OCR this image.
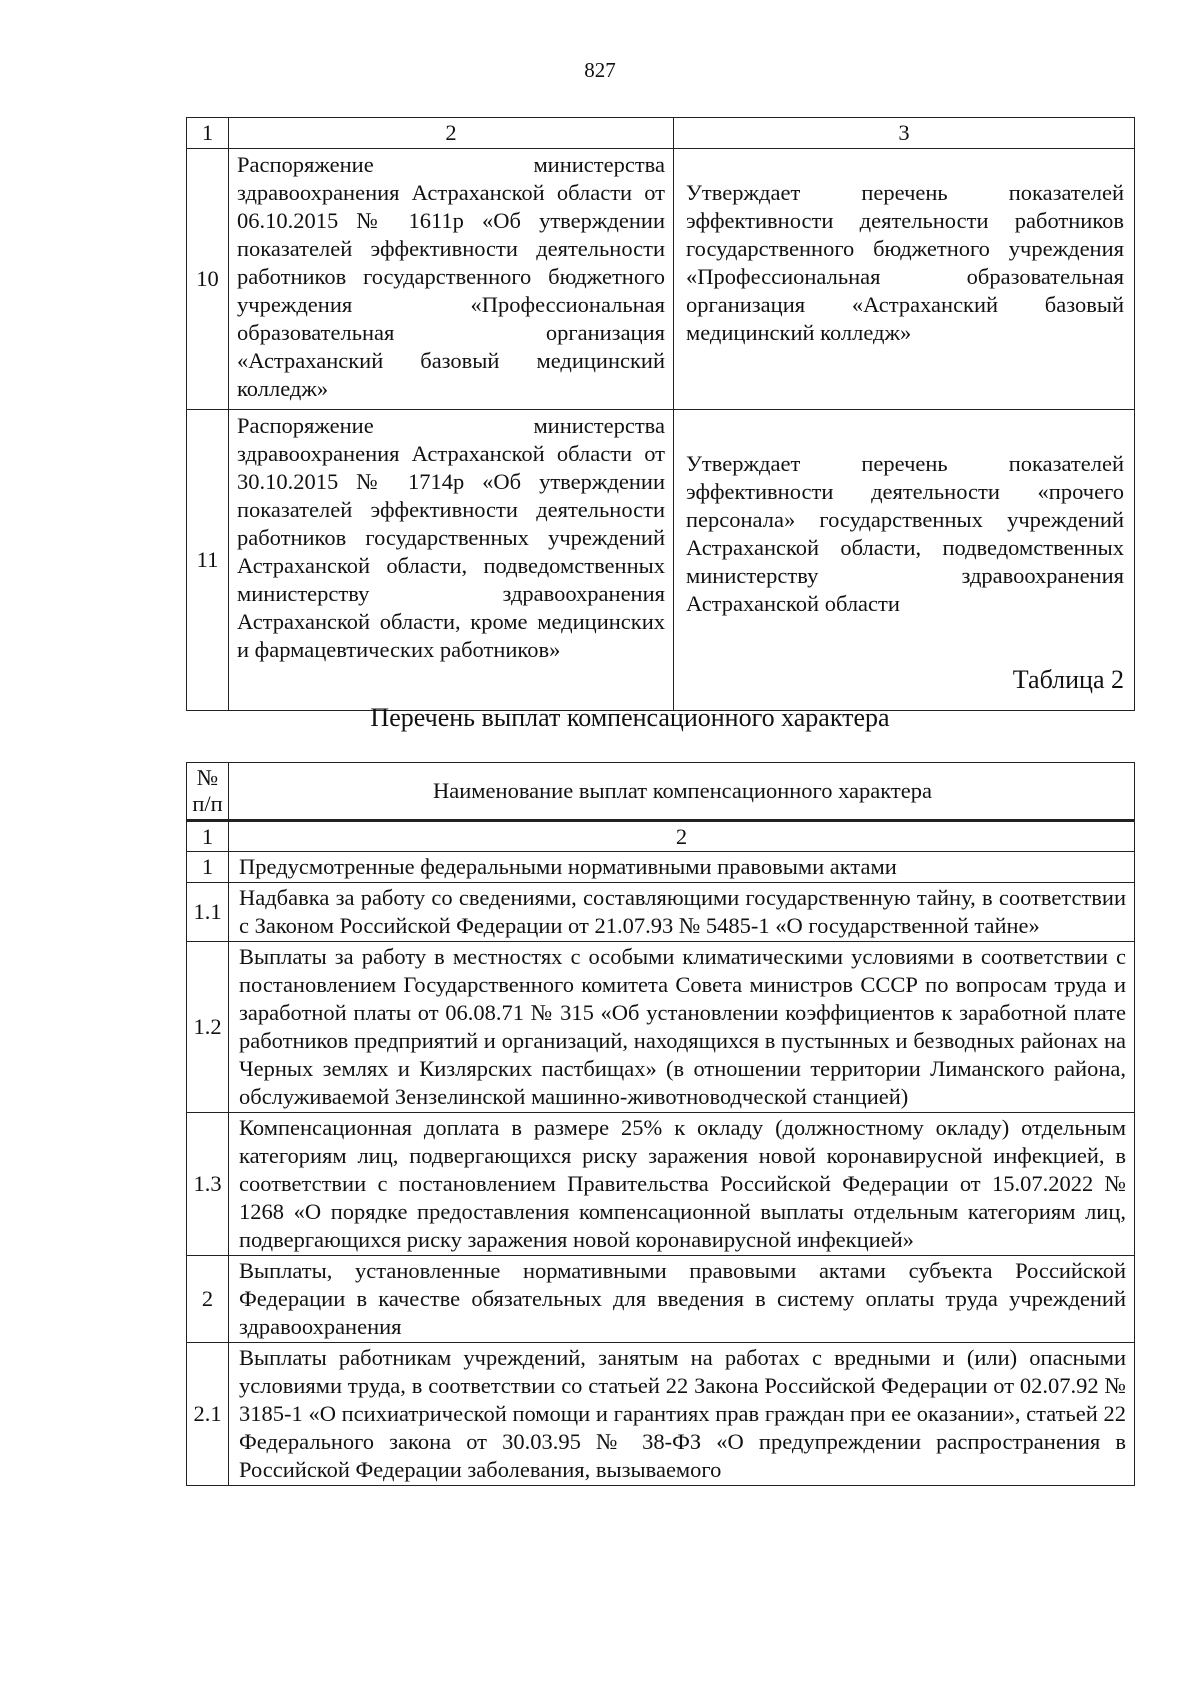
827
1	2	3
10	Распоряжение министерства здравоохранения Астраханской области от 06.10.2015 № 1611р «Об утверждении показателей эффективности деятельности работников государственного бюджетного учреждения «Профессиональная образовательная организация «Астраханский базовый медицинский колледж»	Утверждает перечень показателей эффективности деятельности работников государственного бюджетного учреждения «Профессиональная образовательная организация «Астраханский базовый медицинский колледж»
11	Распоряжение министерства здравоохранения Астраханской области от 30.10.2015 № 1714р «Об утверждении показателей эффективности деятельности работников государственных учреждений Астраханской области, подведомственных министерству здравоохранения Астраханской области, кроме медицинских и фармацевтических работников»	Утверждает перечень показателей эффективности деятельности «прочего персонала» государственных учреждений Астраханской области, подведомственных министерству здравоохранения Астраханской области
Таблица 2
Перечень выплат компенсационного характера
№ п/п	Наименование выплат компенсационного характера
1	2
1	Предусмотренные федеральными нормативными правовыми актами
1.1	Надбавка за работу со сведениями, составляющими государственную тайну, в соответствии с Законом Российской Федерации от 21.07.93 № 5485-1 «О государственной тайне»
1.2	Выплаты за работу в местностях с особыми климатическими условиями в соответствии с постановлением Государственного комитета Совета министров СССР по вопросам труда и заработной платы от 06.08.71 № 315 «Об установлении коэффициентов к заработной плате работников предприятий и организаций, находящихся в пустынных и безводных районах на Черных землях и Кизлярских пастбищах» (в отношении территории Лиманского района, обслуживаемой Зензелинской машинно-животноводческой станцией)
1.3	Компенсационная доплата в размере 25% к окладу (должностному окладу) отдельным категориям лиц, подвергающихся риску заражения новой коронавирусной инфекцией, в соответствии с постановлением Правительства Российской Федерации от 15.07.2022 № 1268 «О порядке предоставления компенсационной выплаты отдельным категориям лиц, подвергающихся риску заражения новой коронавирусной инфекцией»
2	Выплаты, установленные нормативными правовыми актами субъекта Российской Федерации в качестве обязательных для введения в систему оплаты труда учреждений здравоохранения
2.1	Выплаты работникам учреждений, занятым на работах с вредными и (или) опасными условиями труда, в соответствии со статьей 22 Закона Российской Федерации от 02.07.92 № 3185-1 «О психиатрической помощи и гарантиях прав граждан при ее оказании», статьей 22 Федерального закона от 30.03.95 № 38-ФЗ «О предупреждении распространения в Российской Федерации заболевания, вызываемого
